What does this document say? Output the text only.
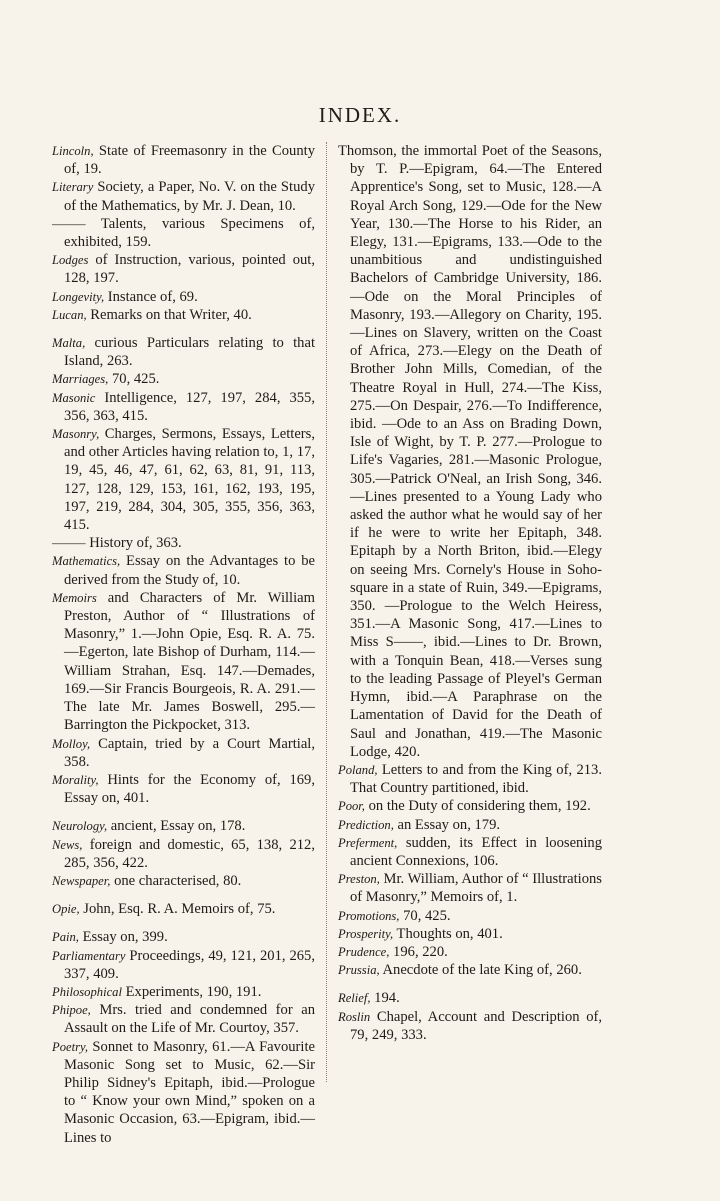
INDEX.
Lincoln, State of Freemasonry in the County of, 19.
Literary Society, a Paper, No. V. on the Study of the Mathematics, by Mr. J. Dean, 10.
——— Talents, various Specimens of, exhibited, 159.
Lodges of Instruction, various, pointed out, 128, 197.
Longevity, Instance of, 69.
Lucan, Remarks on that Writer, 40.
Malta, curious Particulars relating to that Island, 263.
Marriages, 70, 425.
Masonic Intelligence, 127, 197, 284, 355, 356, 363, 415.
Masonry, Charges, Sermons, Essays, Letters, and other Articles having relation to, 1, 17, 19, 45, 46, 47, 61, 62, 63, 81, 91, 113, 127, 128, 129, 153, 161, 162, 193, 195, 197, 219, 284, 304, 305, 355, 356, 363, 415.
——— History of, 363.
Mathematics, Essay on the Advantages to be derived from the Study of, 10.
Memoirs and Characters of Mr. William Preston, Author of “ Illustrations of Masonry,” 1.—John Opie, Esq. R. A. 75.—Egerton, late Bishop of Durham, 114.—William Strahan, Esq. 147.—Demades, 169.—Sir Francis Bourgeois, R. A. 291.—The late Mr. James Boswell, 295.—Barrington the Pickpocket, 313.
Molloy, Captain, tried by a Court Martial, 358.
Morality, Hints for the Economy of, 169, Essay on, 401.
Neurology, ancient, Essay on, 178.
News, foreign and domestic, 65, 138, 212, 285, 356, 422.
Newspaper, one characterised, 80.
Opie, John, Esq. R. A. Memoirs of, 75.
Pain, Essay on, 399.
Parliamentary Proceedings, 49, 121, 201, 265, 337, 409.
Philosophical Experiments, 190, 191.
Phipoe, Mrs. tried and condemned for an Assault on the Life of Mr. Courtoy, 357.
Poetry, Sonnet to Masonry, 61.—A Favourite Masonic Song set to Music, 62.—Sir Philip Sidney's Epitaph, ibid.—Prologue to “ Know your own Mind,” spoken on a Masonic Occasion, 63.—Epigram, ibid.—Lines to
Thomson, the immortal Poet of the Seasons, by T. P.—Epigram, 64.—The Entered Apprentice's Song, set to Music, 128.—A Royal Arch Song, 129.—Ode for the New Year, 130.—The Horse to his Rider, an Elegy, 131.—Epigrams, 133.—Ode to the unambitious and undistinguished Bachelors of Cambridge University, 186.—Ode on the Moral Principles of Masonry, 193.—Allegory on Charity, 195.—Lines on Slavery, written on the Coast of Africa, 273.—Elegy on the Death of Brother John Mills, Comedian, of the Theatre Royal in Hull, 274.—The Kiss, 275.—On Despair, 276.—To Indifference, ibid. —Ode to an Ass on Brading Down, Isle of Wight, by T. P. 277.—Prologue to Life's Vagaries, 281.—Masonic Prologue, 305.—Patrick O'Neal, an Irish Song, 346.—Lines presented to a Young Lady who asked the author what he would say of her if he were to write her Epitaph, 348. Epitaph by a North Briton, ibid.—Elegy on seeing Mrs. Cornely's House in Soho-square in a state of Ruin, 349.—Epigrams, 350. —Prologue to the Welch Heiress, 351.—A Masonic Song, 417.—Lines to Miss S——, ibid.—Lines to Dr. Brown, with a Tonquin Bean, 418.—Verses sung to the leading Passage of Pleyel's German Hymn, ibid.—A Paraphrase on the Lamentation of David for the Death of Saul and Jonathan, 419.—The Masonic Lodge, 420.
Poland, Letters to and from the King of, 213. That Country partitioned, ibid.
Poor, on the Duty of considering them, 192.
Prediction, an Essay on, 179.
Preferment, sudden, its Effect in loosening ancient Connexions, 106.
Preston, Mr. William, Author of “ Illustrations of Masonry,” Memoirs of, 1.
Promotions, 70, 425.
Prosperity, Thoughts on, 401.
Prudence, 196, 220.
Prussia, Anecdote of the late King of, 260.
Relief, 194.
Roslin Chapel, Account and Description of, 79, 249, 333.
